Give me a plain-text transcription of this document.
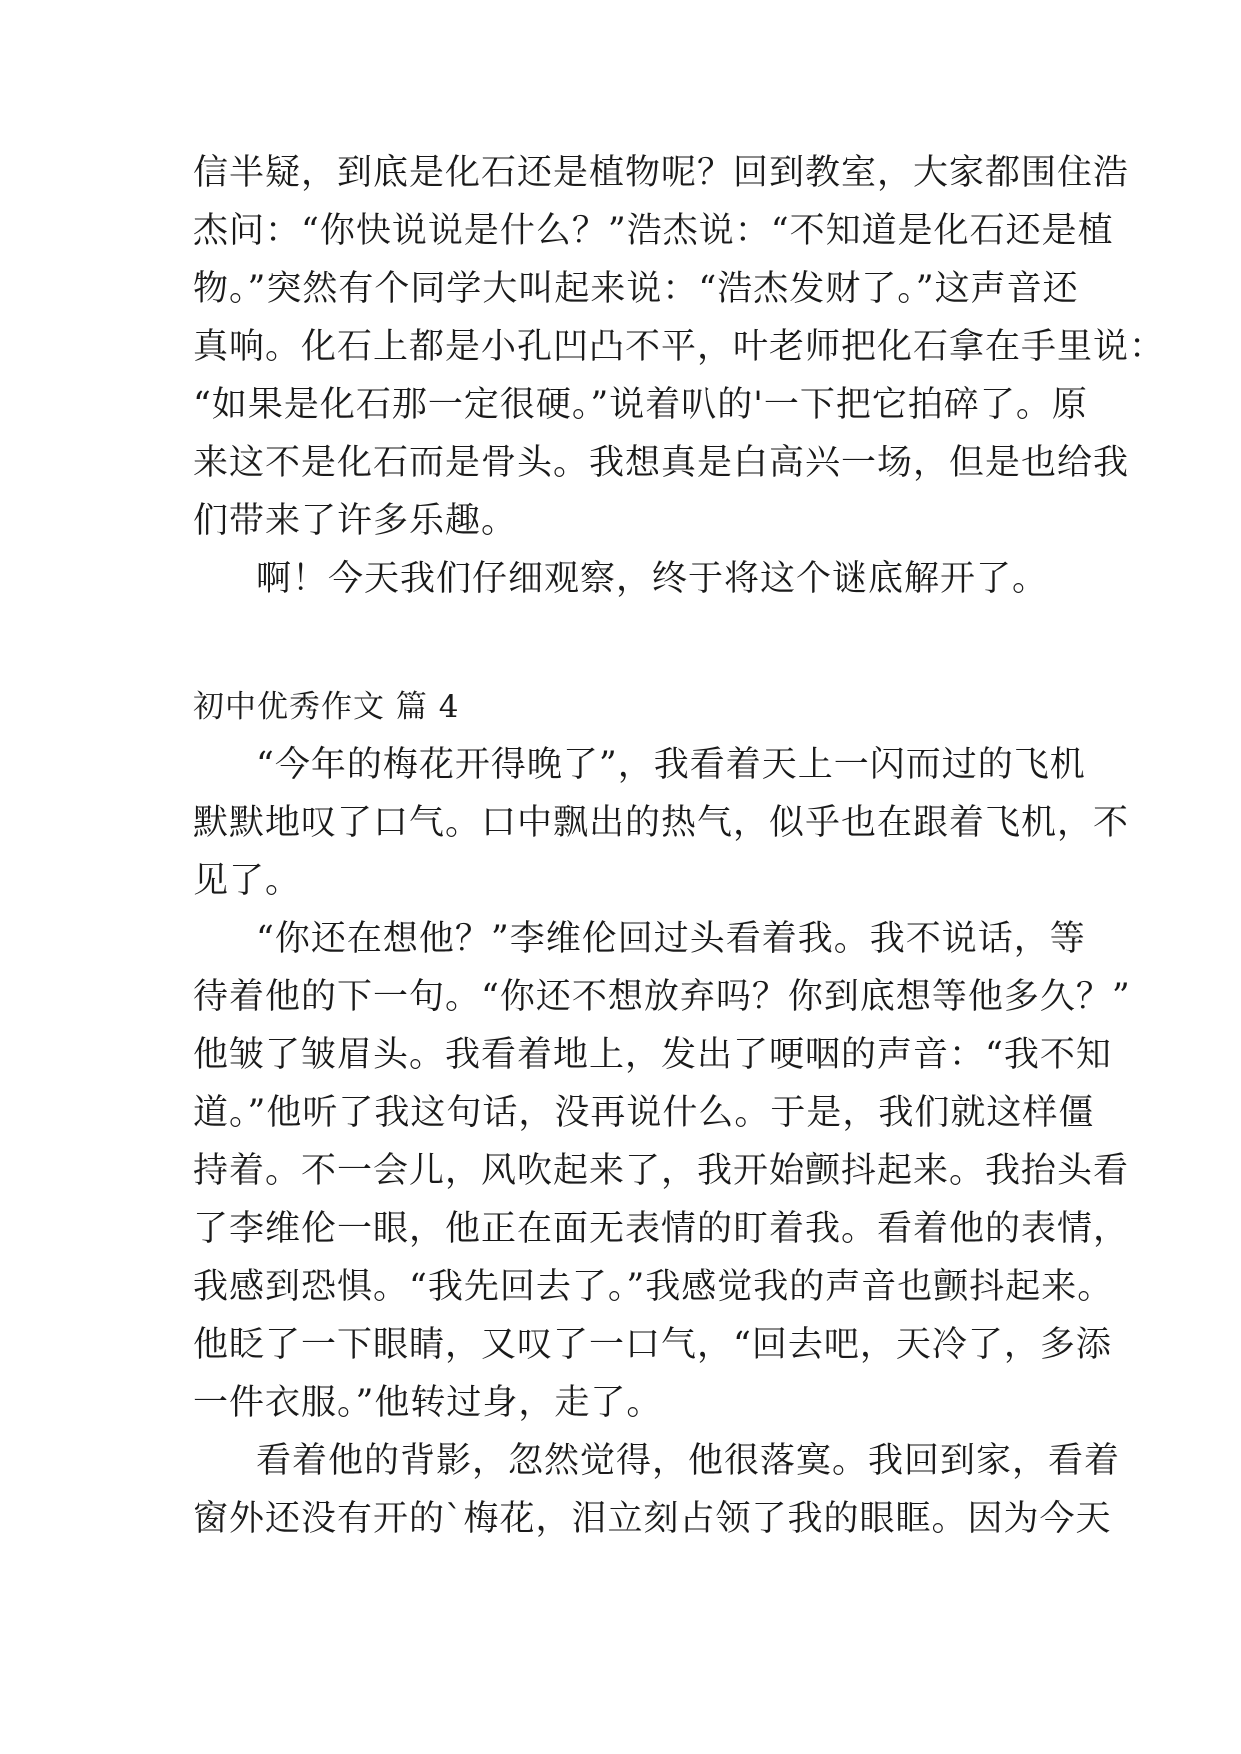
信半疑，到底是化石还是植物呢？回到教室，大家都围住浩
杰问：“你快说说是什么？”浩杰说：“不知道是化石还是植
物。”突然有个同学大叫起来说：“浩杰发财了。”这声音还
真响。化石上都是小孔凹凸不平，叶老师把化石拿在手里说：
“如果是化石那一定很硬。”说着叭的'一下把它拍碎了。原
来这不是化石而是骨头。我想真是白高兴一场，但是也给我
们带来了许多乐趣。
啊！今天我们仔细观察，终于将这个谜底解开了。
初中优秀作文 篇 4
“今年的梅花开得晚了”，我看着天上一闪而过的飞机
默默地叹了口气。口中飘出的热气，似乎也在跟着飞机，不
见了。
“你还在想他？”李维伦回过头看着我。我不说话，等
待着他的下一句。“你还不想放弃吗？你到底想等他多久？”
他皱了皱眉头。我看着地上，发出了哽咽的声音：“我不知
道。”他听了我这句话，没再说什么。于是，我们就这样僵
持着。不一会儿，风吹起来了，我开始颤抖起来。我抬头看
了李维伦一眼，他正在面无表情的盯着我。看着他的表情，
我感到恐惧。“我先回去了。”我感觉我的声音也颤抖起来。
他眨了一下眼睛，又叹了一口气，“回去吧，天冷了，多添
一件衣服。”他转过身，走了。
看着他的背影，忽然觉得，他很落寞。我回到家，看着
窗外还没有开的`梅花，泪立刻占领了我的眼眶。因为今天
